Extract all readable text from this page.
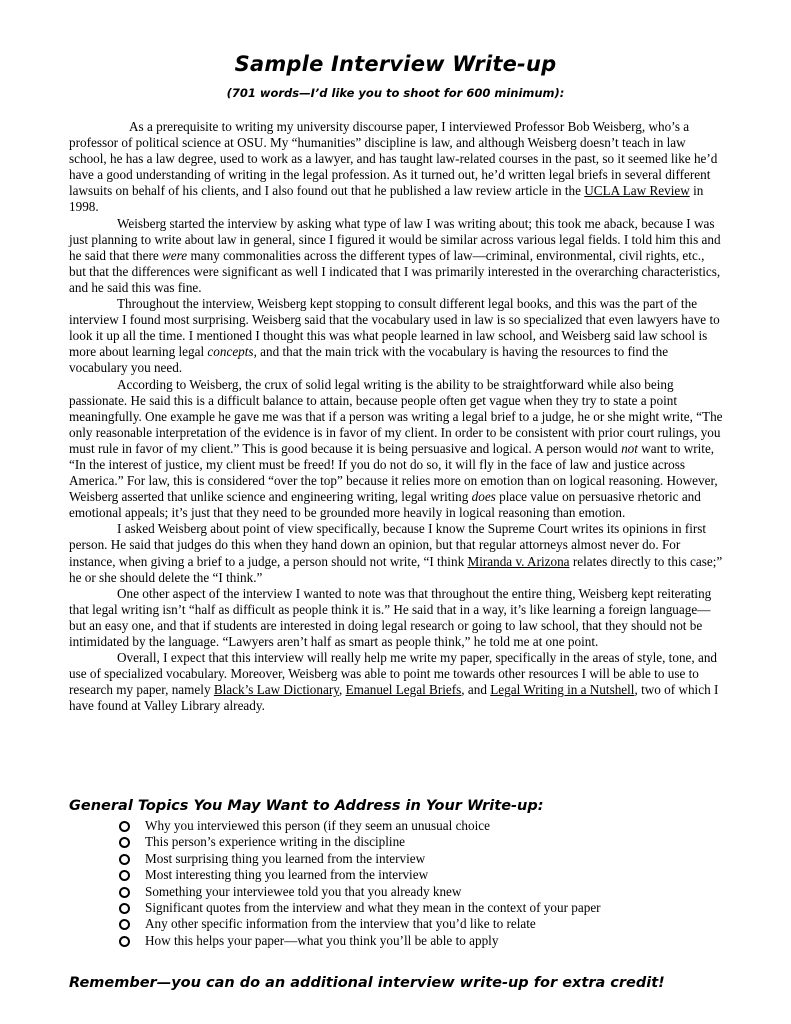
Sample Interview Write-up
(701 words—I’d like you to shoot for 600 minimum):

As a prerequisite to writing my university discourse paper, I interviewed Professor Bob Weisberg, who’s a professor of political science at OSU. My “humanities” discipline is law, and although Weisberg doesn’t teach in law school, he has a law degree, used to work as a lawyer, and has taught law-related courses in the past, so it seemed like he’d have a good understanding of writing in the legal profession. As it turned out, he’d written legal briefs in several different lawsuits on behalf of his clients, and I also found out that he published a law review article in the UCLA Law Review in 1998.

Weisberg started the interview by asking what type of law I was writing about; this took me aback, because I was just planning to write about law in general, since I figured it would be similar across various legal fields. I told him this and he said that there were many commonalities across the different types of law—criminal, environmental, civil rights, etc., but that the differences were significant as well I indicated that I was primarily interested in the overarching characteristics, and he said this was fine.

Throughout the interview, Weisberg kept stopping to consult different legal books, and this was the part of the interview I found most surprising. Weisberg said that the vocabulary used in law is so specialized that even lawyers have to look it up all the time. I mentioned I thought this was what people learned in law school, and Weisberg said law school is more about learning legal concepts, and that the main trick with the vocabulary is having the resources to find the vocabulary you need.

According to Weisberg, the crux of solid legal writing is the ability to be straightforward while also being passionate. He said this is a difficult balance to attain, because people often get vague when they try to state a point meaningfully. One example he gave me was that if a person was writing a legal brief to a judge, he or she might write, “The only reasonable interpretation of the evidence is in favor of my client. In order to be consistent with prior court rulings, you must rule in favor of my client.” This is good because it is being persuasive and logical. A person would not want to write, “In the interest of justice, my client must be freed! If you do not do so, it will fly in the face of law and justice across America.” For law, this is considered “over the top” because it relies more on emotion than on logical reasoning. However, Weisberg asserted that unlike science and engineering writing, legal writing does place value on persuasive rhetoric and emotional appeals; it’s just that they need to be grounded more heavily in logical reasoning than emotion.

I asked Weisberg about point of view specifically, because I know the Supreme Court writes its opinions in first person. He said that judges do this when they hand down an opinion, but that regular attorneys almost never do. For instance, when giving a brief to a judge, a person should not write, “I think Miranda v. Arizona relates directly to this case;” he or she should delete the “I think.”

One other aspect of the interview I wanted to note was that throughout the entire thing, Weisberg kept reiterating that legal writing isn’t “half as difficult as people think it is.” He said that in a way, it’s like learning a foreign language—but an easy one, and that if students are interested in doing legal research or going to law school, that they should not be intimidated by the language. “Lawyers aren’t half as smart as people think,” he told me at one point.

Overall, I expect that this interview will really help me write my paper, specifically in the areas of style, tone, and use of specialized vocabulary. Moreover, Weisberg was able to point me towards other resources I will be able to use to research my paper, namely Black’s Law Dictionary, Emanuel Legal Briefs, and Legal Writing in a Nutshell, two of which I have found at Valley Library already.

General Topics You May Want to Address in Your Write-up:
Why you interviewed this person (if they seem an unusual choice
This person’s experience writing in the discipline
Most surprising thing you learned from the interview
Most interesting thing you learned from the interview
Something your interviewee told you that you already knew
Significant quotes from the interview and what they mean in the context of your paper
Any other specific information from the interview that you’d like to relate
How this helps your paper—what you think you’ll be able to apply
Remember—you can do an additional interview write-up for extra credit!
